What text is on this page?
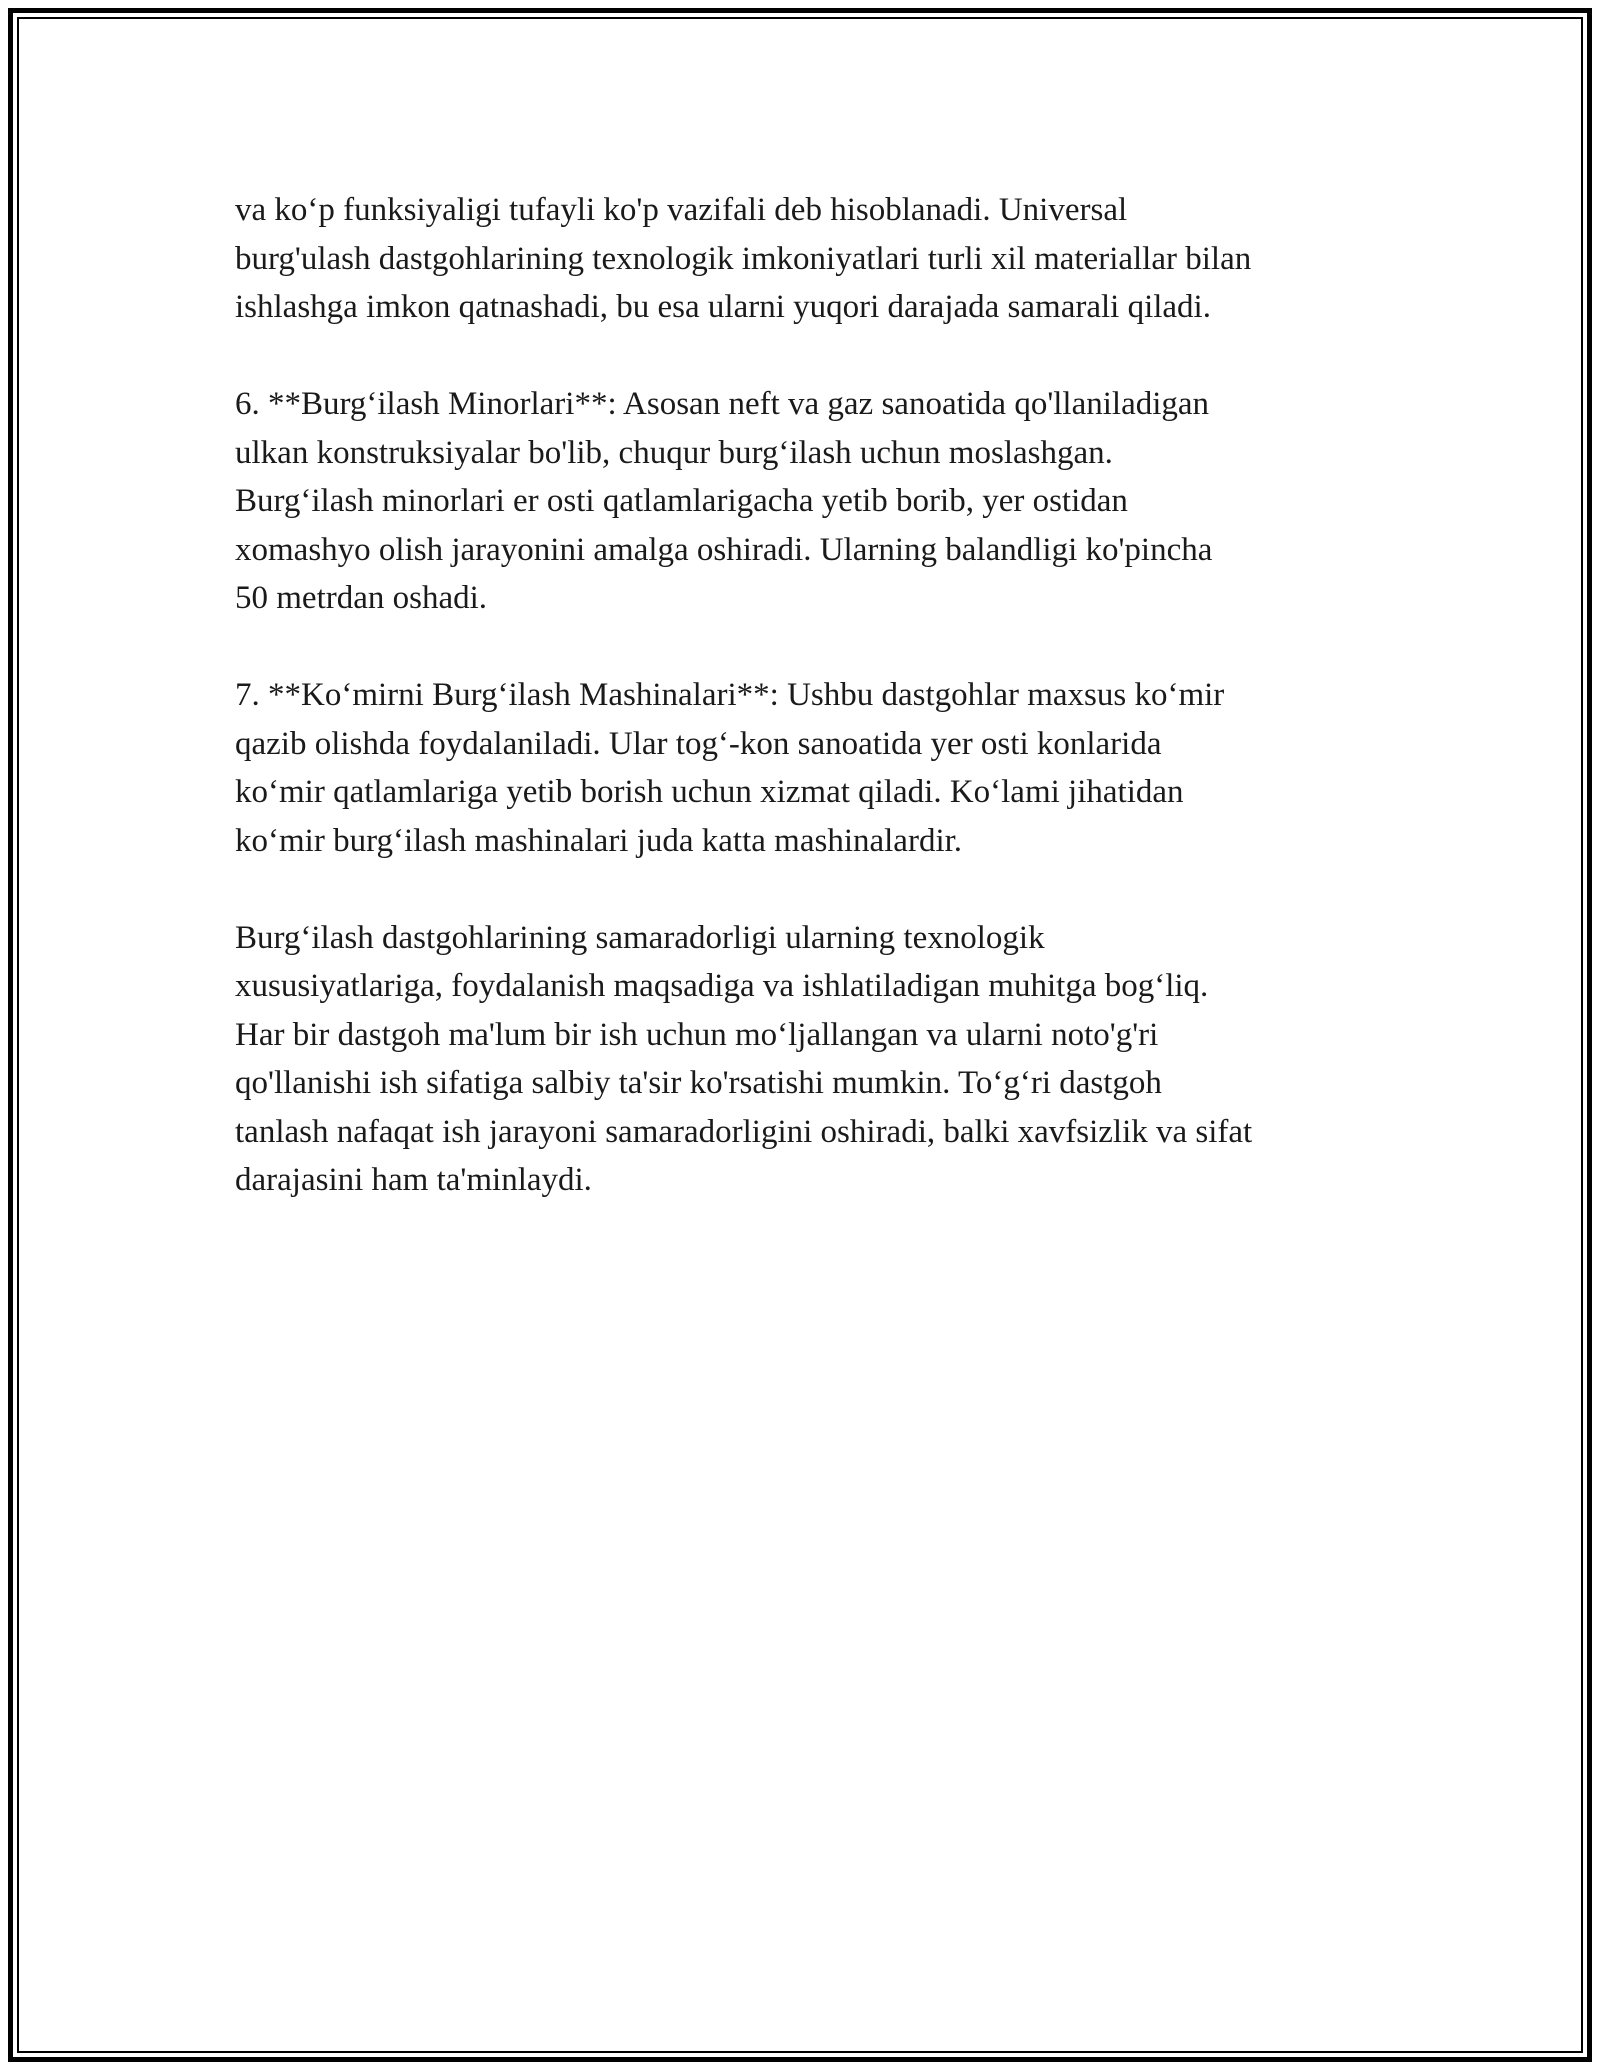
va koʻp funksiyaligi tufayli ko'p vazifali deb hisoblanadi. Universal
burg'ulash dastgohlarining texnologik imkoniyatlari turli xil materiallar bilan
ishlashga imkon qatnashadi, bu esa ularni yuqori darajada samarali qiladi.

6. **Burgʻilash Minorlari**: Asosan neft va gaz sanoatida qo'llaniladigan
ulkan konstruksiyalar bo'lib, chuqur burgʻilash uchun moslashgan.
Burgʻilash minorlari er osti qatlamlarigacha yetib borib, yer ostidan
xomashyo olish jarayonini amalga oshiradi. Ularning balandligi ko'pincha
50 metrdan oshadi.

7. **Koʻmirni Burgʻilash Mashinalari**: Ushbu dastgohlar maxsus koʻmir
qazib olishda foydalaniladi. Ular togʻ-kon sanoatida yer osti konlarida
koʻmir qatlamlariga yetib borish uchun xizmat qiladi. Koʻlami jihatidan
koʻmir burgʻilash mashinalari juda katta mashinalardir.

Burgʻilash dastgohlarining samaradorligi ularning texnologik
xususiyatlariga, foydalanish maqsadiga va ishlatiladigan muhitga bogʻliq.
Har bir dastgoh ma'lum bir ish uchun moʻljallangan va ularni noto'g'ri
qo'llanishi ish sifatiga salbiy ta'sir ko'rsatishi mumkin. Toʻgʻri dastgoh
tanlash nafaqat ish jarayoni samaradorligini oshiradi, balki xavfsizlik va sifat
darajasini ham ta'minlaydi.
